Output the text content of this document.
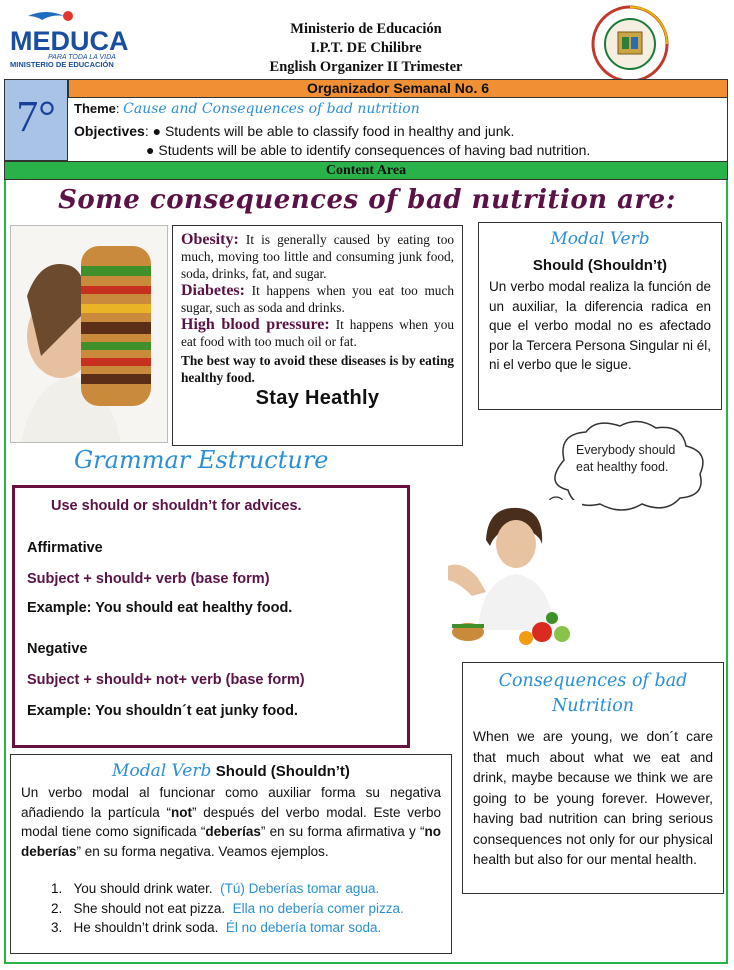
MEDUCA
PARA TODA LA VIDA
MINISTERIO DE EDUCACIÓN
Ministerio de Educación
I.P.T. DE Chilibre
English Organizer II Trimester
7°
Organizador Semanal No. 6
Theme: Cause and Consequences of bad nutrition
Objectives: ● Students will be able to classify food in healthy and junk.
● Students will be able to identify consequences of having bad nutrition.
Content Area
Some consequences of bad nutrition are:
Obesity: It is generally caused by eating too much, moving too little and consuming junk food, soda, drinks, fat, and sugar.
Diabetes: It happens when you eat too much sugar, such as soda and drinks.
High blood pressure: It happens when you eat food with too much oil or fat.
The best way to avoid these diseases is by eating healthy food.
Stay Heathly
Modal Verb
Should (Shouldn’t)
Un verbo modal realiza la función de un auxiliar, la diferencia radica en que el verbo modal no es afectado por la Tercera Persona Singular ni él, ni el verbo que le sigue.
Everybody should eat healthy food.
Grammar Estructure
Use should or shouldn’t for advices.
Affirmative
Subject + should+ verb (base form)
Example: You should eat healthy food.
Negative
Subject + should+ not+ verb (base form)
Example: You shouldn´t eat junky food.
Modal Verb Should (Shouldn’t)
Un verbo modal al funcionar como auxiliar forma su negativa añadiendo la partícula “not” después del verbo modal. Este verbo modal tiene como significada “deberías” en su forma afirmativa y “no deberías” en su forma negativa. Veamos ejemplos.
1. You should drink water. (Tú) Deberías tomar agua.
2. She should not eat pizza. Ella no debería comer pizza.
3. He shouldn’t drink soda. Él no debería tomar soda.
Consequences of bad
Nutrition
When we are young, we don´t care that much about what we eat and drink, maybe because we think we are going to be young forever. However, having bad nutrition can bring serious consequences not only for our physical health but also for our mental health.
